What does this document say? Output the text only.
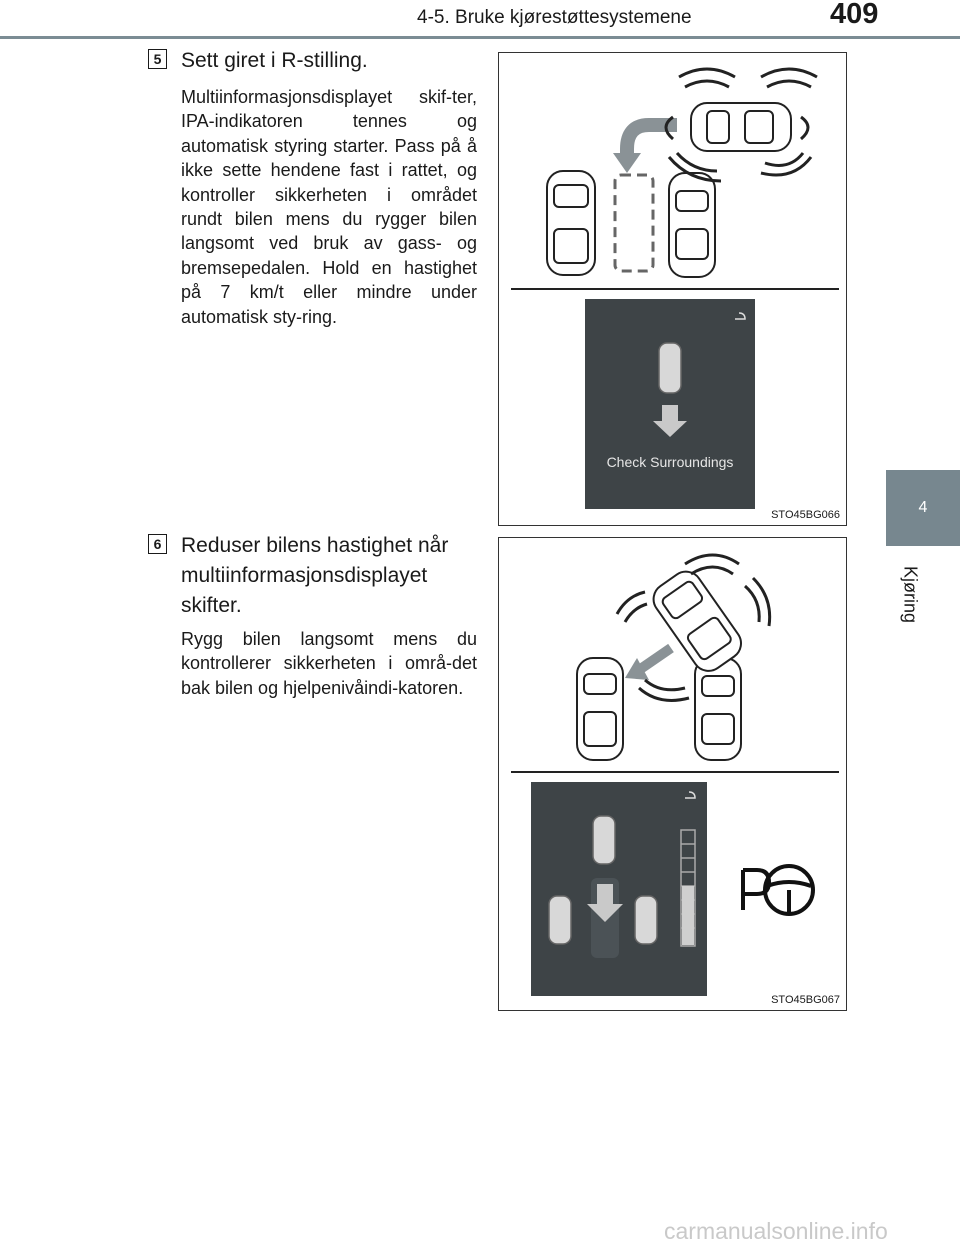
4-5. Bruke kjørestøttesystemene	409
4
Kjøring
5 Sett giret i R-stilling.
Multiinformasjonsdisplayet skif-ter, IPA-indikatoren tennes og automatisk styring starter. Pass på å ikke sette hendene fast i rattet, og kontroller sikkerheten i området rundt bilen mens du rygger bilen langsomt ved bruk av gass- og bremsepedalen. Hold en hastighet på 7 km/t eller mindre under automatisk sty-ring.
Check Surroundings
STO45BG066
6 Reduser bilens hastighet når multiinformasjonsdisplayet skifter.
Rygg bilen langsomt mens du kontrollerer sikkerheten i områ-det bak bilen og hjelpenivåindi-katoren.
STO45BG067
carmanualsonline.info
